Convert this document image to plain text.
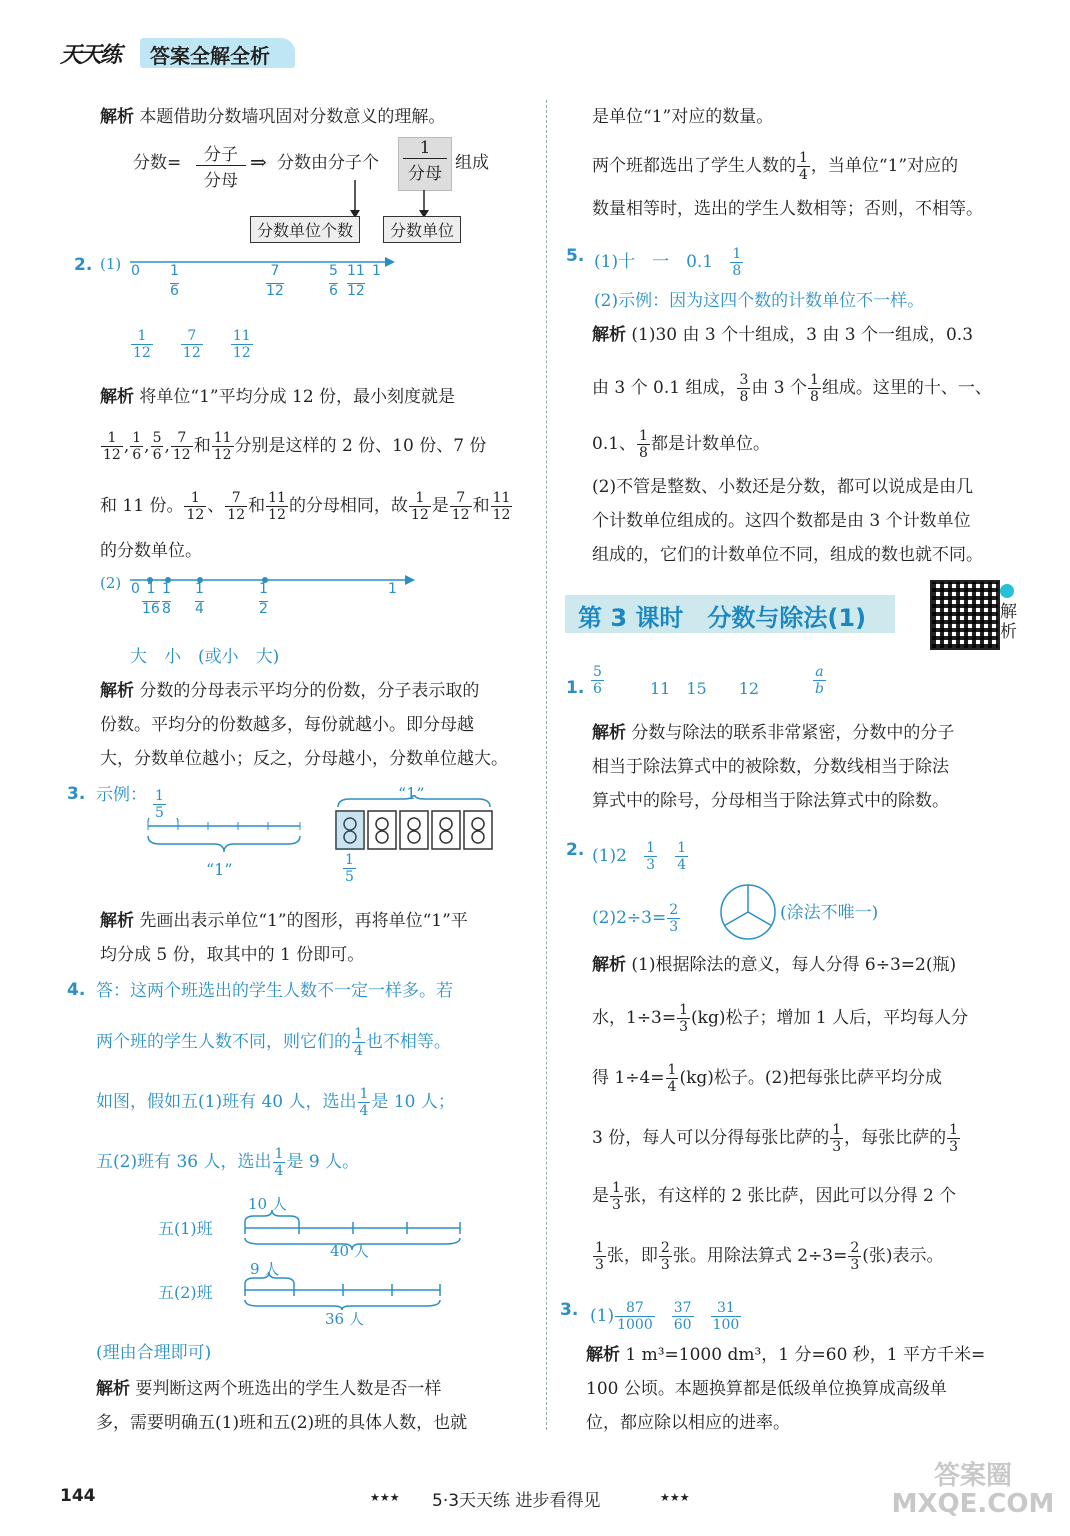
天天练 答案全解全析
解析 本题借助分数墙巩固对分数意义的理解。
分数=	分子
分母
⇒ 分数由分子个
1
分母
组成
分数单位个数	分数单位
2. (1) 0 1
6
7
12
5
6
11
12
1
$\frac{1}{12}$
$\frac{7}{12}$
$\frac{11}{12}$
解析 将单位“1”平均分成 12 份，最小刻度就是
$\frac{1}{12}$ , $\frac{1}{6}$ , $\frac{5}{6}$ , $\frac{7}{12}$ 和 $\frac{11}{12}$ 分别是这样的 2 份、10 份、7 份
和 11 份。 $\frac{1}{12}$ 、 $\frac{7}{12}$ 和 $\frac{11}{12}$ 的分母相同，故 $\frac{1}{12}$ 是 $\frac{7}{12}$ 和 $\frac{11}{12}$
的分数单位。
(2) 0 1
16
1
8
1
4
1
2
1
大　小　(或小　大)
解析 分数的分母表示平均分的份数，分子表示取的
份数。平均分的份数越多，每份就越小。即分母越
大，分数单位越小；反之，分母越小，分数单位越大。
3. 示例： $\frac{1}{5}$
“1”
“1”
$\frac{1}{5}$
解析 先画出表示单位“1”的图形，再将单位“1”平
均分成 5 份，取其中的 1 份即可。
4. 答：这两个班选出的学生人数不一定一样多。若
两个班的学生人数不同，则它们的 $\frac{1}{4}$ 也不相等。
如图，假如五(1)班有 40 人，选出 $\frac{1}{4}$ 是 10 人；
五(2)班有 36 人，选出 $\frac{1}{4}$ 是 9 人。
五(1)班
10 人
40 人
五(2)班
9 人
36 人
(理由合理即可)
解析 要判断这两个班选出的学生人数是否一样
多，需要明确五(1)班和五(2)班的具体人数，也就
是单位“1”对应的数量。
两个班都选出了学生人数的 $\frac{1}{4}$ ，当单位“1”对应的
数量相等时，选出的学生人数相等；否则，不相等。
5. (1)十　一　$0.1 \frac{1}{8}$
(2)示例：因为这四个数的计数单位不一样。
解析 (1)30 由 3 个十组成，3 由 3 个一组成，0.3
由 3 个 0.1 组成， $\frac{3}{8}$ 由 3 个 $\frac{1}{8}$ 组成。这里的十、一、
0.1、 $\frac{1}{8}$ 都是计数单位。
(2)不管是整数、小数还是分数，都可以说成是由几
个计数单位组成的。这四个数都是由 3 个计数单位
组成的，它们的计数单位不同，组成的数也就不同。
第 3 课时　分数与除法(1)	解析
1. $\frac{5}{6}$	11　15　　12	$\frac{a}{b}$
解析 分数与除法的联系非常紧密，分数中的分子
相当于除法算式中的被除数，分数线相当于除法
算式中的除号，分母相当于除法算式中的除数。
2. $(1)2 \frac{1}{3}$
$\frac{1}{4}$
$(2)2\div 3= \frac{2}{3}$	(涂法不唯一)
解析 (1)根据除法的意义，每人分得 6÷3=2(瓶)
水，$1\div 3= \frac{1}{3} (kg)$松子；增加 1 人后，平均每人分
得 $1\div 4= \frac{1}{4} (kg)$松子。(2)把每张比萨平均分成
3 份，每人可以分得每张比萨的 $\frac{1}{3}$ ，每张比萨的 $\frac{1}{3}$
是 $\frac{1}{3}$ 张，有这样的 2 张比萨，因此可以分得 2 个
$\frac{1}{3}$ 张，即 $\frac{2}{3}$ 张。用除法算式 $2\div 3= \frac{2}{3}$ (张)表示。
3. $(1) \frac{87}{1000} \frac{37}{60} \frac{31}{100}$
解析 1 m³=1000 dm³，1 分=60 秒，1 平方千米=
100 公顷。本题换算都是低级单位换算成高级单
位，都应除以相应的进率。
144	★★★ 5·3天天练 进步看得见	★★★
答案圈 MXQE.COM
